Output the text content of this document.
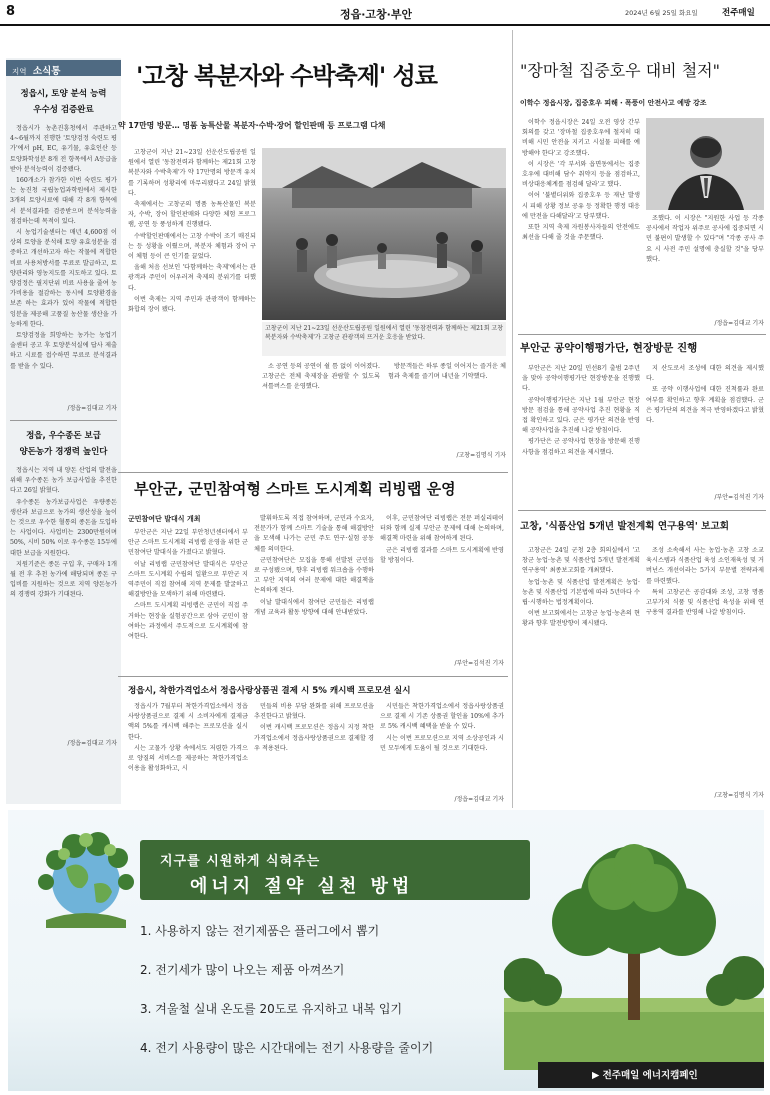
8	정읍·고창·부안	2024년 6월 25일 화요일	전주매일
지역 소식통
정읍시, 토양 분석 능력
우수성 검증완료

정읍시가 농촌진흥청에서 주관하고 4~6월까지 진행한 '토양검정 숙련도 평가'에서 pH, EC, 유기물, 유효인산 등 토양화학성분 8개 전 항목에서 A등급을 받아 분석능력이 검증됐다.

160개소가 참가한 이번 숙련도 평가는 농진청 국립농업과학원에서 제시한 3개의 토양시료에 대해 각 8개 항목에서 분석결과를 검증받으며 분석능력을 점검하는데 목적이 있다.

시 농업기술센터는 매년 4,600점 이상의 토양을 분석해 토양 유효성분을 검증하고 개선하고자 하는 작물에 적합한 비료 사용처방서를 무료로 발급하고, 토양관리와 영농지도를 지도하고 있다. 토양검정은 필지단위 비료 사용을 줄여 농가비용을 절감하는 동시에 토양환경을 보존 하는 효과가 있어 작물에 적합한 잉분을 제공해 고품질 농산물 생산을 가능하게 한다.

토양검정을 희망하는 농가는 농업기술센터 공고 후 토양분석실에 답사 제출하고 시료를 접수하면 무료로 분석결과를 받을 수 있다.

/정읍=김대교 기자
정읍, 우수종돈 보급
양돈농가 경쟁력 높인다

정읍시는 지역 내 양돈 산업의 발전을 위해 우수종돈 농가 보급사업을 추진한다고 26일 밝혔다.

우수종돈 농가보급사업은 우량종돈 생산과 보급으로 농가의 생산성을 높이는 것으로 우수한 혈통의 종돈을 도입하는 사업이다. 사업비는 2300만원이며 50%, 시비 50% 이로 우수종돈 15두에 대한 보급을 지원한다.

지원기준은 종돈 구입 후, 구매자 1개월 전 후 추천 농가에 해당되며 종돈 구입비를 지원하는 것으로 지역 양돈농가의 경쟁력 강화가 기대된다.

/정읍=김대교 기자
'고창 복분자와 수박축제' 성료
약 17만명 방문… 명품 농특산물 복분자·수박·장어 할인판매 등 프로그램 다채

고창군이 지난 21~23일 선운산도립공원 일원에서 열린 '동참전력과 함께하는 제21회 고창 복분자와 수박축제'가 약 17만명의 방문객 유치를 기록하며 성황리에 마무리됐다고 24일 밝혔다.

축제에서는 고창군의 명품 농특산물인 복분자, 수박, 장어 할인판매와 다양한 체험 프로그램, 공연 등 풍성하게 진행됐다.

수박할인판매에서는 고창 수박이 조기 매진되는 등 성황을 이뤘으며, 복분자 체험과 장어 구이 체험 등이 큰 인기를 끌었다.

올해 처음 선보인 '다함께하는 축제'에서는 관광객과 주민이 어우러져 축제의 분위기를 더했다.

이번 축제는 지역 주민과 관광객이 함께하는 화합의 장이 됐다.

고창군이 지난 21~23일 선운산도립공원 일원에서 열린 '동참전력과 함께하는 제21회 고창 복분자와 수박축제'가 고창군 관광객의 뜨거운 호응을 받았다.

소 공연 등의 공연이 쉴 틈 없이 이어졌다. 고창군은 전체 축제장을 관람할 수 있도록 셔틀버스를 운영했다.

방문객들은 하루 종일 이어지는 즐거운 체험과 축제를 즐기며 내년을 기약했다.

/고창=김명식 기자
부안군, 군민참여형 스마트 도시계획 리빙랩 운영
군민참여단 발대식 개최

부안군은 지난 22일 부안청년센터에서 부안군 스마트 도시계획 리빙랩 운영을 위한 군민참여단 발대식을 가졌다고 밝혔다.

이날 리빙랩 군민참여단 발대식은 부안군 스마트 도시계획 수립의 일환으로 부안군 지역주민이 직접 참여해 지역 문제를 발굴하고 해결방안을 모색하기 위해 마련됐다.

스마트 도시계획 리빙랩은 군민이 직접 주거하는 현장을 실험공간으로 삼아 군민이 참여하는 과정에서 주도적으로 도시계획에 참여한다.

발휘하도록 직접 참여하며, 군민과 수요자, 전문가가 함께 스마트 기술을 통해 해결방안을 모색해 나가는 군민 주도 연구·실험 공동체를 의미한다.

군민참여단은 모집을 통해 선발된 군민들로 구성됐으며, 향후 리빙랩 워크숍을 수행하고 부안 지역의 여러 문제에 대한 해결책을 논의하게 된다.

이날 발대식에서 참여단 군민들은 리빙랩 개념 교육과 활동 방향에 대해 안내받았다.

이후, 군민참여단 리빙랩은 전문 퍼실리테이터와 함께 실제 부안군 문제에 대해 논의하며, 해결책 마련을 위해 참여하게 된다.

군은 리빙랩 결과를 스마트 도시계획에 반영할 방침이다.

/부안=김석진 기자
정읍시, 착한가격업소서 정읍사랑상품권 결제 시 5% 캐시백 프로모션 실시

정읍시가 7월부터 착한가격업소에서 정읍사랑상품권으로 결제 시 소비자에게 결제금액의 5%를 캐시백 해주는 프로모션을 실시한다.

시는 고물가 상황 속에서도 저렴한 가격으로 양질의 서비스를 제공하는 착한가격업소 이용을 활성화하고, 시

민들의 비용 부담 완화를 위해 프로모션을 추진한다고 밝혔다.

이번 캐시백 프로모션은 정읍시 지정 착한가격업소에서 정읍사랑상품권으로 결제할 경우 적용된다.

시민들은 착한가격업소에서 정읍사랑상품권으로 결제 시 기존 상품권 할인율 10%에 추가로 5% 캐시백 혜택을 받을 수 있다.

시는 이번 프로모션으로 지역 소상공인과 시민 모두에게 도움이 될 것으로 기대한다.

/정읍=김대교 기자
"장마철 집중호우 대비 철저"
이학수 정읍시장, 집중호우 피해・폭풍이 안전사고 예방 강조

이학수 정읍시장은 24일 오전 영상 간부회의를 갖고 '장마철 집중호우에 철저히 대비해 시민 안전을 지키고 시설물 피해를 예방해야 한다'고 강조했다.

이 시장은 '각 부서와 읍면동에서는 집중호우에 대비해 담수 취약지 등을 점검하고, 비상대응체계를 점검해 달라'고 했다.

이어 '불볕더위와 집중호우 등 재난 발생 시 피해 상황 정보 공유 등 정확한 행정 대응에 만전을 다해달라'고 당부했다.

또한 지역 축제 자원봉사자들의 안전에도 최선을 다해 줄 것을 주문했다.

조했다. 이 시장은 "지원한 사업 등 각종 공사에서 작업자 위주로 공사에 집중되면 시민 불편이 발생할 수 있다"며 "각종 공사 주요 시 사전 주민 설명에 충실할 것"을 당부했다.

/정읍=김대교 기자
부안군 공약이행평가단, 현장방문 진행

부안군은 지난 20일 민선8기 출범 2주년을 맞아 공약이행평가단 현장방문을 진행했다.

공약이행평가단은 지난 1월 부안군 현장방문 점검을 통해 공약사업 추진 현황을 직접 확인하고 있다. 군은 평가단 의견을 반영해 공약사업을 추진해 나갈 방침이다.

평가단은 군 공약사업 현장을 방문해 진행사항을 점검하고 의견을 제시했다.

지 산도로서 조성에 대한 의견을 제시했다.

또 공약 이행사업에 대한 진척률과 완료 여부를 확인하고 향후 계획을 점검했다. 군은 평가단의 의견을 적극 반영하겠다고 밝혔다.

/부안=김석진 기자
고창, '식품산업 5개년 발전계획 연구용역' 보고회

고창군은 24일 군청 2층 회의실에서 '고창군 농업·농촌 및 식품산업 5개년 발전계획 연구용역' 최종보고회를 개최했다.

농업·농촌 및 식품산업 발전계획은 농업·농촌 및 식품산업 기본법에 따라 5년마다 수립·시행하는 법정계획이다.

이번 보고회에서는 고창군 농업·농촌의 현황과 향후 발전방향이 제시됐다.

조성 소속해서 사는 농업·농촌 고창 소교육시스템과 식품산업 육성 소인재육성 및 거버넌스 개선이라는 5가지 부문별 전략과제를 마련했다.

특히 고창군은 공감대와 조성, 고창 명품 고부가치 식품 및 식품산업 육성을 위해 연구용역 결과를 반영해 나갈 방침이다.

/고창=김명식 기자
지구를 시원하게 식혀주는
에너지 절약 실천 방법
1. 사용하지 않는 전기제품은 플러그에서 뽑기
2. 전기세가 많이 나오는 제품 아껴쓰기
3. 겨울철 실내 온도를 20도로 유지하고 내복 입기
4. 전기 사용량이 많은 시간대에는 전기 사용량을 줄이기
▶ 전주매일 에너지캠페인
